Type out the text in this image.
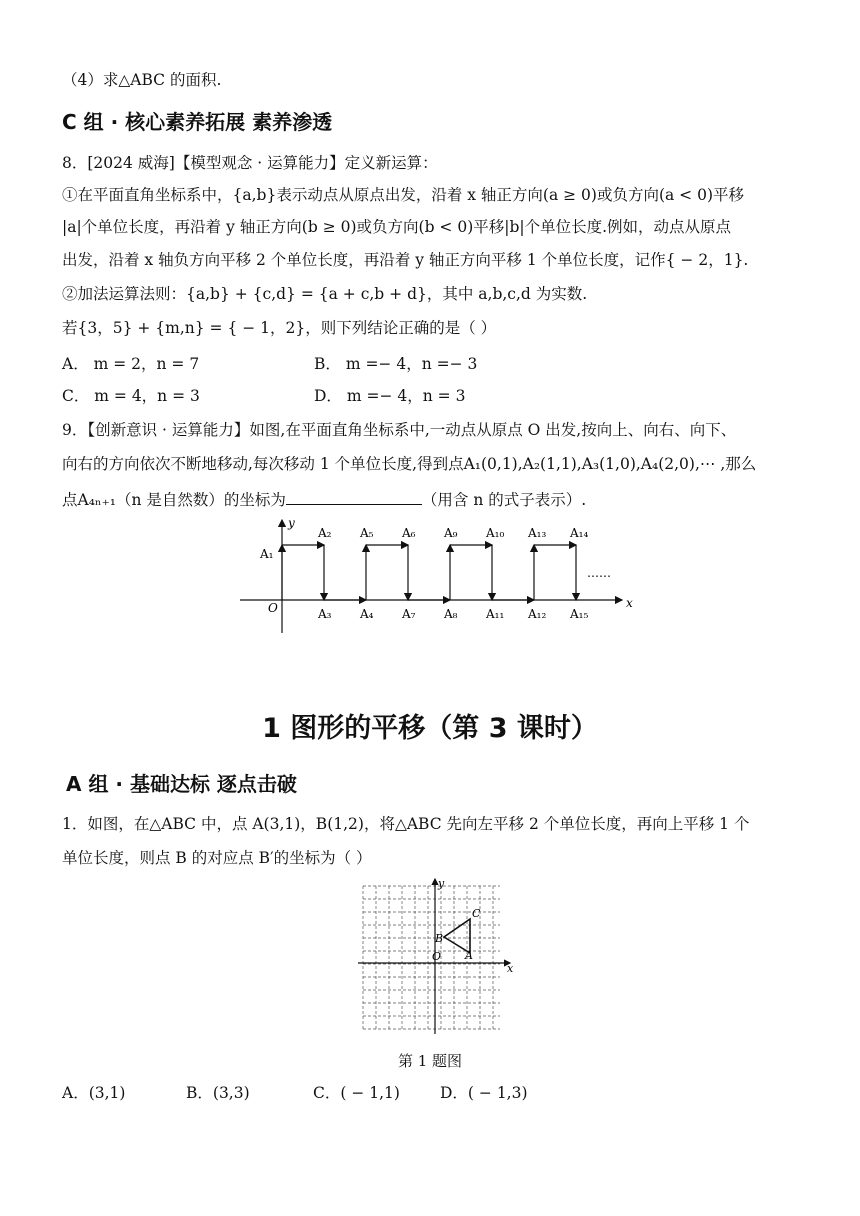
（4）求△ABC 的面积.
C 组 · 核心素养拓展 素养渗透
8．[2024 威海]【模型观念 · 运算能力】定义新运算：
①在平面直角坐标系中，{a,b}表示动点从原点出发，沿着 x 轴正方向(a ≥ 0)或负方向(a < 0)平移
|a|个单位长度，再沿着 y 轴正方向(b ≥ 0)或负方向(b < 0)平移|b|个单位长度.例如，动点从原点
出发，沿着 x 轴负方向平移 2 个单位长度，再沿着 y 轴正方向平移 1 个单位长度，记作{ − 2，1}.
②加法运算法则：{a,b} + {c,d} = {a + c,b + d}，其中 a,b,c,d 为实数.
若{3，5} + {m,n} = { − 1，2}，则下列结论正确的是（ ）
A． m = 2，n = 7	B． m =− 4，n =− 3
C． m = 4，n = 3	D． m =− 4，n = 3
9．【创新意识 · 运算能力】如图,在平面直角坐标系中,一动点从原点 O 出发,按向上、向右、向下、
向右的方向依次不断地移动,每次移动 1 个单位长度,得到点A₁(0,1),A₂(1,1),A₃(1,0),A₄(2,0),⋯ ,那么
点A₄ₙ₊₁（n 是自然数）的坐标为	（用含 n 的式子表示）.
x
y
O
A₁
A₂ A₅ A₆ A₉ A₁₀ A₁₃ A₁₄
A₃ A₄ A₇ A₈ A₁₁ A₁₂ A₁₅
……
1 图形的平移（第 3 课时）
A 组 · 基础达标 逐点击破
1．如图，在△ABC 中，点 A(3,1)，B(1,2)，将△ABC 先向左平移 2 个单位长度，再向上平移 1 个
单位长度，则点 B 的对应点 B′的坐标为（ ）
x
y
O A
B
C
第 1 题图
A．(3,1)	B．(3,3)	C．( − 1,1)	D．( − 1,3)
